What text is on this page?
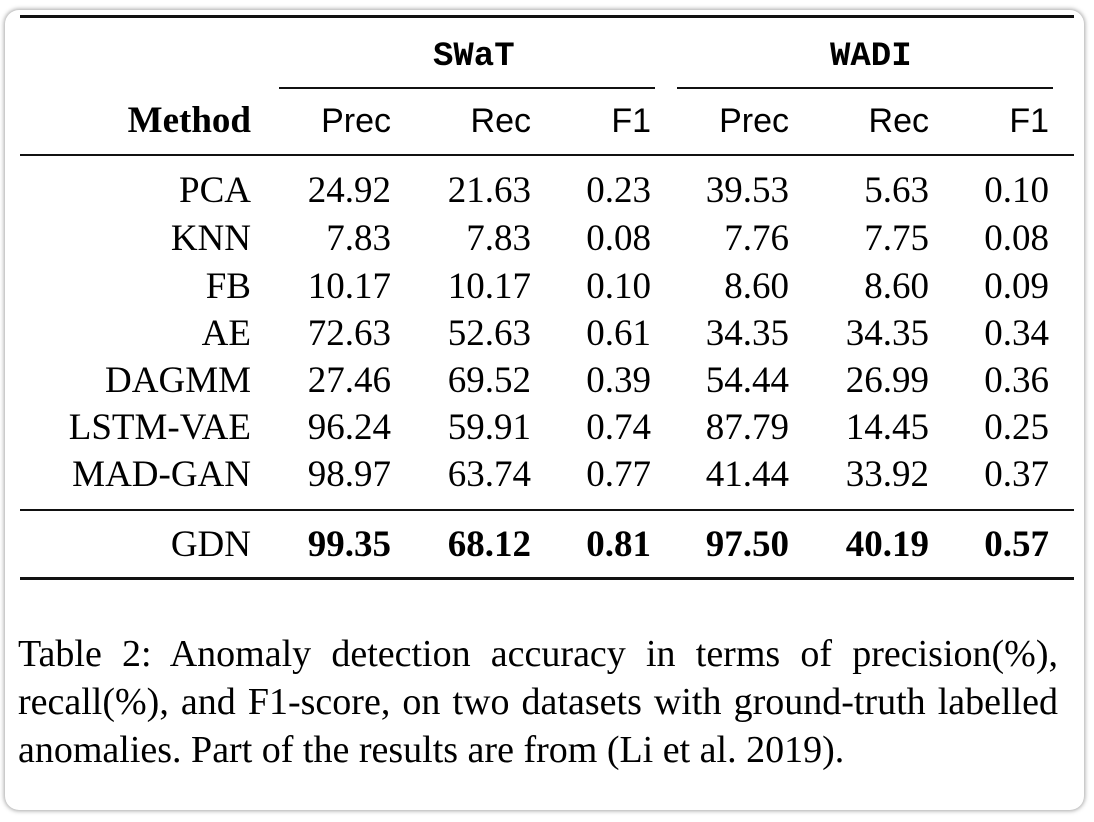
SWaT	WADI
Method	Prec	Rec	F1	Prec	Rec	F1
PCA	24.92	21.63	0.23	39.53	5.63	0.10
KNN	7.83	7.83	0.08	7.76	7.75	0.08
FB	10.17	10.17	0.10	8.60	8.60	0.09
AE	72.63	52.63	0.61	34.35	34.35	0.34
DAGMM	27.46	69.52	0.39	54.44	26.99	0.36
LSTM-VAE	96.24	59.91	0.74	87.79	14.45	0.25
MAD-GAN	98.97	63.74	0.77	41.44	33.92	0.37
GDN	99.35	68.12	0.81	97.50	40.19	0.57
Table 2: Anomaly detection accuracy in terms of precision(%), recall(%), and F1-score, on two datasets with ground-truth labelled anomalies. Part of the results are from (Li et al. 2019).
